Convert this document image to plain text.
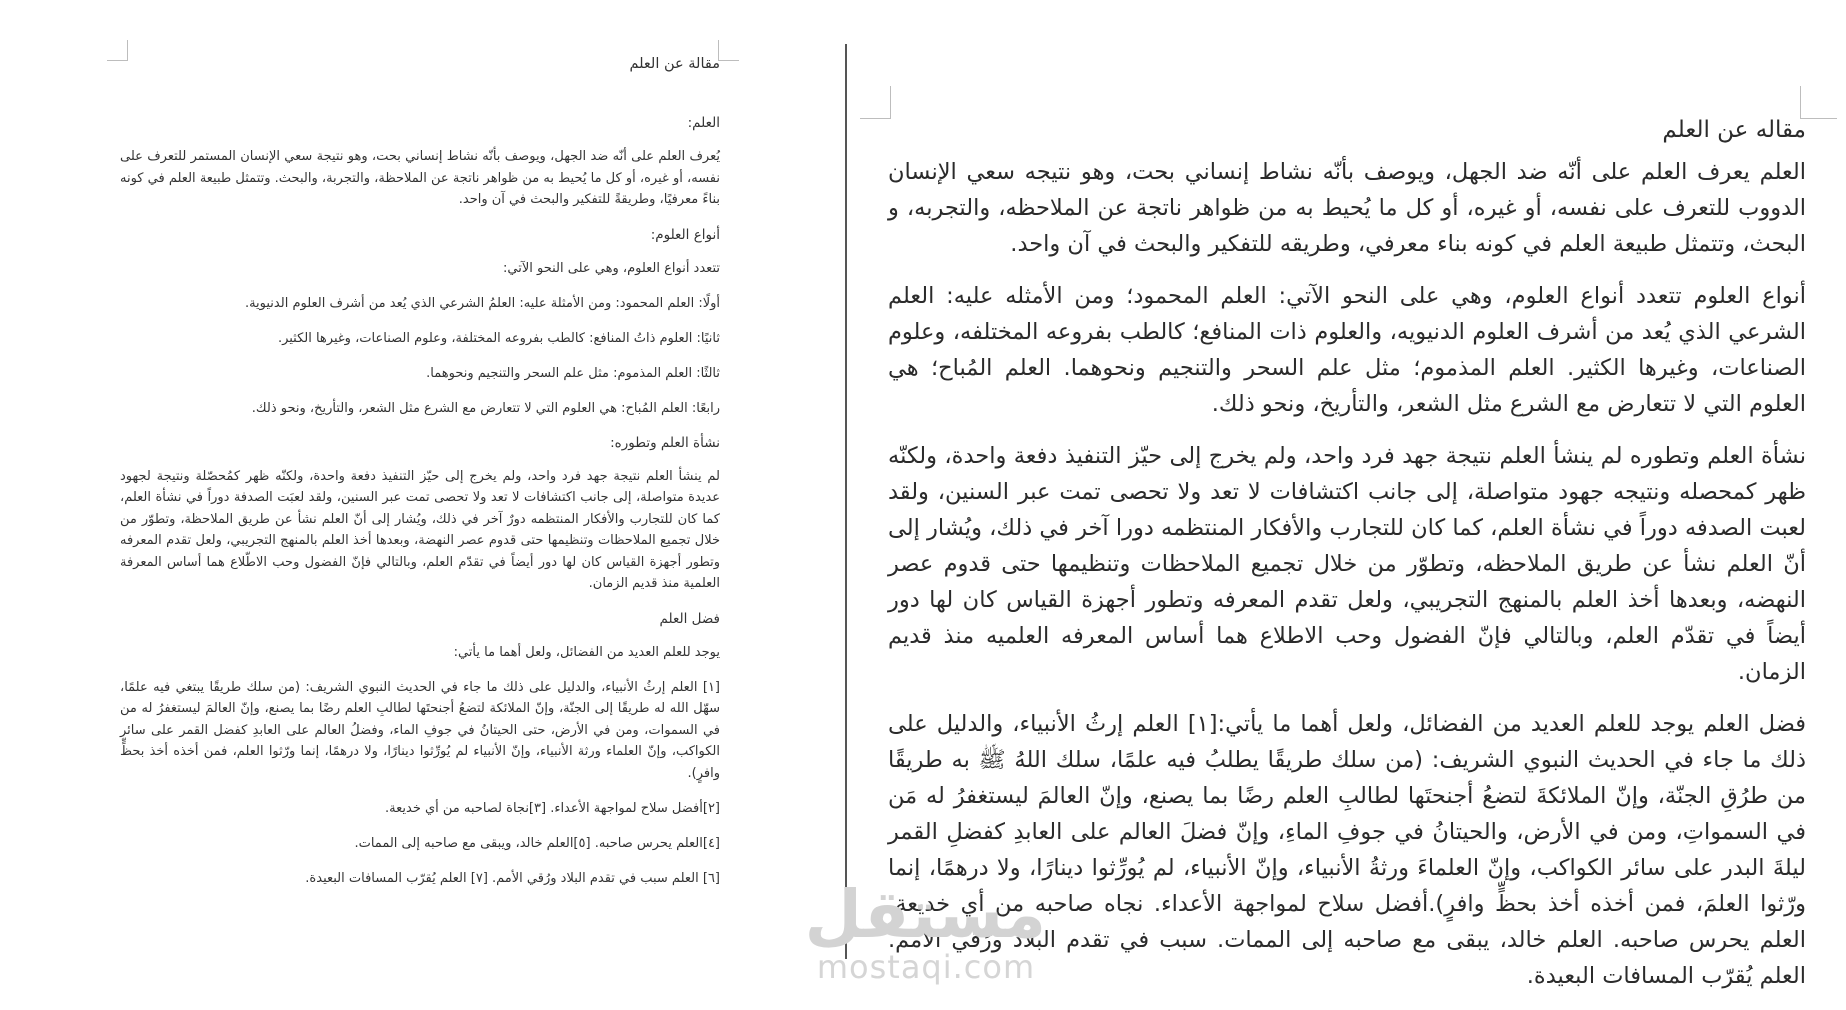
مقالة عن العلم
العلم:

يُعرف العلم على أنّه ضد الجهل، ويوصف بأنّه نشاط إنساني بحت، وهو نتيجة سعي الإنسان المستمر للتعرف على نفسه، أو غيره، أو كل ما يُحيط به من ظواهر ناتجة عن الملاحظة، والتجربة، والبحث. وتتمثل طبيعة العلم في كونه بناءً معرفيًا، وطريقةً للتفكير والبحث في آن واحد.

أنواع العلوم:

تتعدد أنواع العلوم، وهي على النحو الآتي:

أولًا: العلم المحمود: ومن الأمثلة عليه: العلمُ الشرعي الذي يُعد من أشرف العلوم الدنيوية.

ثانيًا: العلوم ذاتُ المنافع: كالطب بفروعه المختلفة، وعلوم الصناعات، وغيرها الكثير.

ثالثًا: العلم المذموم: مثل علم السحر والتنجيم ونحوهما.

رابعًا: العلم المُباح: هي العلوم التي لا تتعارض مع الشرع مثل الشعر، والتأريخ، ونحو ذلك.

نشأة العلم وتطوره:

لم ينشأ العلم نتيجة جهد فرد واحد، ولم يخرج إلى حيّز التنفيذ دفعة واحدة، ولكنّه ظهر كمُحصّلة ونتيجة لجهود عديدة متواصلة، إلى جانب اكتشافات لا تعد ولا تحصى تمت عبر السنين، ولقد لعبَت الصدفة دوراً في نشأة العلم، كما كان للتجارب والأفكار المنتظمه دورٌ آخر في ذلك، ويُشار إلى أنّ العلم نشأ عن طريق الملاحظة، وتطوّر من خلال تجميع الملاحظات وتنظيمها حتى قدوم عصر النهضة، وبعدها أخذ العلم بالمنهج التجريبي، ولعل تقدم المعرفه وتطور أجهزة القياس كان لها دور أيضاً في تقدّم العلم، وبالتالي فإنّ الفضول وحب الاطّلاع هما أساس المعرفة العلمية منذ قديم الزمان.

فضل العلم

يوجد للعلم العديد من الفضائل، ولعل أهما ما يأتي:

[١] العلم إرثُ الأنبياء، والدليل على ذلك ما جاء في الحديث النبوي الشريف: (من سلك طريقًا يبتغي فيه علمًا، سهّل الله له طريقًا إلى الجنّة، وإنّ الملائكة لتضعُ أجنحتَها لطالبِ العلم رضًا بما يصنع، وإنّ العالمَ ليستغفرُ له من في السموات، ومن في الأرض، حتى الحيتانُ في جوفِ الماء، وفضلُ العالم على العابدِ كفضل القمر على سائر الكواكب، وإنّ العلماء ورثة الأنبياء، وإنّ الأنبياء لم يُورِّثوا دينارًا، ولا درهمًا، إنما ورّثوا العلم، فمن أخذه أخذ بحظٍّ وافرٍ).

[٢]أفضل سلاح لمواجهة الأعداء. [٣]نجاة لصاحبه من أي خديعة.

[٤]العلم يحرس صاحبه. [٥]العلم خالد، ويبقى مع صاحبه إلى الممات.

[٦] العلم سبب في تقدم البلاد ورُقي الأمم. [٧] العلم يُقرّب المسافات البعيدة.

مقاله عن العلم

العلم يعرف العلم على أنّه ضد الجهل، ويوصف بأنّه نشاط إنساني بحت، وهو نتيجه سعي الإنسان الدووب للتعرف على نفسه، أو غيره، أو كل ما يُحيط به من ظواهر ناتجة عن الملاحظه، والتجربه، و البحث، وتتمثل طبيعة العلم في كونه بناء معرفي، وطريقه للتفكير والبحث في آن واحد.

أنواع العلوم تتعدد أنواع العلوم، وهي على النحو الآتي: العلم المحمود؛ ومن الأمثله عليه: العلم الشرعي الذي يُعد من أشرف العلوم الدنيويه، والعلوم ذات المنافع؛ كالطب بفروعه المختلفه، وعلوم الصناعات، وغيرها الكثير. العلم المذموم؛ مثل علم السحر والتنجيم ونحوهما. العلم المُباح؛ هي العلوم التي لا تتعارض مع الشرع مثل الشعر، والتأريخ، ونحو ذلك.

نشأة العلم وتطوره لم ينشأ العلم نتيجة جهد فرد واحد، ولم يخرج إلى حيّز التنفيذ دفعة واحدة، ولكنّه ظهر كمحصله ونتيجه جهود متواصلة، إلى جانب اكتشافات لا تعد ولا تحصى تمت عبر السنين، ولقد لعبت الصدفه دوراً في نشأة العلم، كما كان للتجارب والأفكار المنتظمه دورا آخر في ذلك، ويُشار إلى أنّ العلم نشأ عن طريق الملاحظه، وتطوّر من خلال تجميع الملاحظات وتنظيمها حتى قدوم عصر النهضه، وبعدها أخذ العلم بالمنهج التجريبي، ولعل تقدم المعرفه وتطور أجهزة القياس كان لها دور أيضاً في تقدّم العلم، وبالتالي فإنّ الفضول وحب الاطلاع هما أساس المعرفه العلميه منذ قديم الزمان.

فضل العلم يوجد للعلم العديد من الفضائل، ولعل أهما ما يأتي:[١] العلم إرثُ الأنبياء، والدليل على ذلك ما جاء في الحديث النبوي الشريف: (من سلك طريقًا يطلبُ فيه علمًا، سلك اللهُ ﷺ به طريقًا من طرُقِ الجنّة، وإنّ الملائكةَ لتضعُ أجنحتَها لطالبِ العلم رضًا بما يصنع، وإنّ العالمَ ليستغفرُ له مَن في السمواتِ، ومن في الأرض، والحيتانُ في جوفِ الماءِ، وإنّ فضلَ العالم على العابدِ كفضلِ القمر ليلةَ البدر على سائر الكواكب، وإنّ العلماءَ ورثةُ الأنبياء، وإنّ الأنبياء، لم يُورِّثوا دينارًا، ولا درهمًا، إنما ورّثوا العلمَ، فمن أخذه أخذ بحظٍّ وافرٍ).أفضل سلاح لمواجهة الأعداء. نجاه صاحبه من أي خديعة. العلم يحرس صاحبه. العلم خالد، يبقى مع صاحبه إلى الممات. سبب في تقدم البلاد ورُقي الأمم. العلم يُقرّب المسافات البعيدة.

مستقل
mostaqi.com
